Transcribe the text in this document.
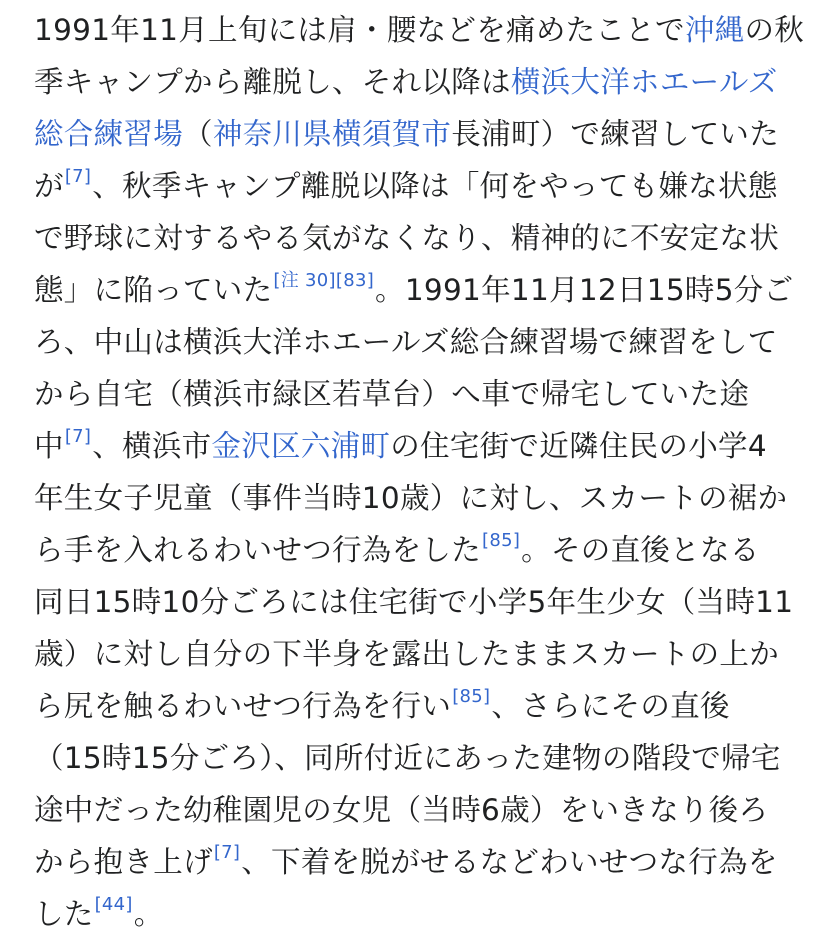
1991年11月上旬には肩・腰などを痛めたことで沖縄の秋
季キャンプから離脱し、それ以降は横浜大洋ホエールズ
総合練習場（神奈川県横須賀市長浦町）で練習していた
が[7]、秋季キャンプ離脱以降は「何をやっても嫌な状態
で野球に対するやる気がなくなり、精神的に不安定な状
態」に陥っていた[注 30][83]。1991年11月12日15時5分ご
ろ、中山は横浜大洋ホエールズ総合練習場で練習をして
から自宅（横浜市緑区若草台）へ車で帰宅していた途
中[7]、横浜市金沢区六浦町の住宅街で近隣住民の小学4
年生女子児童（事件当時10歳）に対し、スカートの裾か
ら手を入れるわいせつ行為をした[85]。その直後となる
同日15時10分ごろには住宅街で小学5年生少女（当時11
歳）に対し自分の下半身を露出したままスカートの上か
ら尻を触るわいせつ行為を行い[85]、さらにその直後
（15時15分ごろ）、同所付近にあった建物の階段で帰宅
途中だった幼稚園児の女児（当時6歳）をいきなり後ろ
から抱き上げ[7]、下着を脱がせるなどわいせつな行為を
した[44]。
